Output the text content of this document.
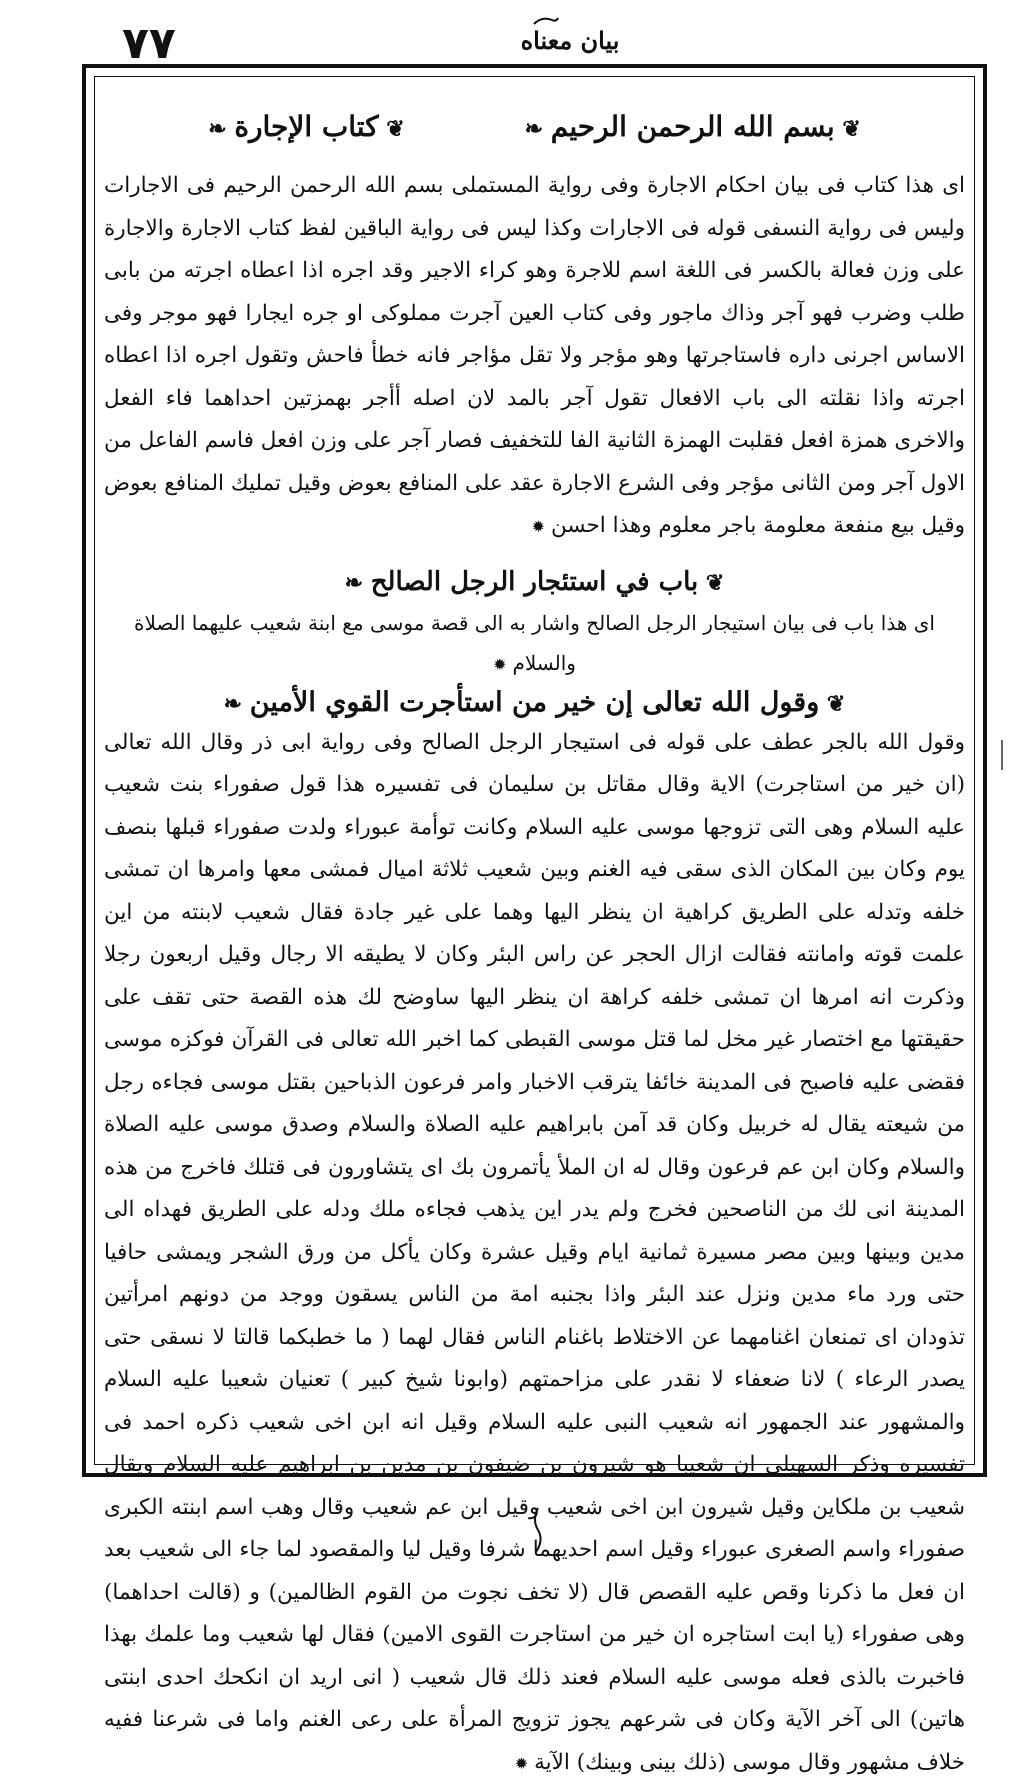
٧٧	بيان معناه
❦ بسم الله الرحمن الرحيم ❧
❦ كتاب الإجارة ❧

اى هذا كتاب فى بيان احكام الاجارة وفى رواية المستملى بسم الله الرحمن الرحيم فى الاجارات وليس فى رواية النسفى قوله فى الاجارات وكذا ليس فى رواية الباقين لفظ كتاب الاجارة والاجارة على وزن فعالة بالكسر فى اللغة اسم للاجرة وهو كراء الاجير وقد اجره اذا اعطاه اجرته من بابى طلب وضرب فهو آجر وذاك ماجور وفى كتاب العين آجرت مملوكى او جره ايجارا فهو موجر وفى الاساس اجرنى داره فاستاجرتها وهو مؤجر ولا تقل مؤاجر فانه خطأ فاحش وتقول اجره اذا اعطاه اجرته واذا نقلته الى باب الافعال تقول آجر بالمد لان اصله أأجر بهمزتين احداهما فاء الفعل والاخرى همزة افعل فقلبت الهمزة الثانية الفا للتخفيف فصار آجر على وزن افعل فاسم الفاعل من الاول آجر ومن الثانى مؤجر وفى الشرع الاجارة عقد على المنافع بعوض وقيل تمليك المنافع بعوض وقيل بيع منفعة معلومة باجر معلوم وهذا احسن✹

❦ باب في استئجار الرجل الصالح ❧

اى هذا باب فى بيان استيجار الرجل الصالح واشار به الى قصة موسى مع ابنة شعيب عليهما الصلاة والسلام✹

❦ وقول الله تعالى إن خير من استأجرت القوي الأمين ❧

وقول الله بالجر عطف على قوله فى استيجار الرجل الصالح وفى رواية ابى ذر وقال الله تعالى (ان خير من استاجرت) الاية وقال مقاتل بن سليمان فى تفسيره هذا قول صفوراء بنت شعيب عليه السلام وهى التى تزوجها موسى عليه السلام وكانت توأمة عبوراء ولدت صفوراء قبلها بنصف يوم وكان بين المكان الذى سقى فيه الغنم وبين شعيب ثلاثة اميال فمشى معها وامرها ان تمشى خلفه وتدله على الطريق كراهية ان ينظر اليها وهما على غير جادة فقال شعيب لابنته من اين علمت قوته وامانته فقالت ازال الحجر عن راس البئر وكان لا يطيقه الا رجال وقيل اربعون رجلا وذكرت انه امرها ان تمشى خلفه كراهة ان ينظر اليها ساوضح لك هذه القصة حتى تقف على حقيقتها مع اختصار غير مخل لما قتل موسى القبطى كما اخبر الله تعالى فى القرآن فوكزه موسى فقضى عليه فاصبح فى المدينة خائفا يترقب الاخبار وامر فرعون الذباحين بقتل موسى فجاءه رجل من شيعته يقال له خربيل وكان قد آمن بابراهيم عليه الصلاة والسلام وصدق موسى عليه الصلاة والسلام وكان ابن عم فرعون وقال له ان الملأ يأتمرون بك اى يتشاورون فى قتلك فاخرج من هذه المدينة انى لك من الناصحين فخرج ولم يدر اين يذهب فجاءه ملك ودله على الطريق فهداه الى مدين وبينها وبين مصر مسيرة ثمانية ايام وقيل عشرة وكان يأكل من ورق الشجر ويمشى حافيا حتى ورد ماء مدين ونزل عند البئر واذا بجنبه امة من الناس يسقون ووجد من دونهم امرأتين تذودان اى تمنعان اغنامهما عن الاختلاط باغنام الناس فقال لهما ( ما خطبكما قالتا لا نسقى حتى يصدر الرعاء ) لانا ضعفاء لا نقدر على مزاحمتهم (وابونا شيخ كبير ) تعنيان شعيبا عليه السلام والمشهور عند الجمهور انه شعيب النبى عليه السلام وقيل انه ابن اخى شعيب ذكره احمد فى تفسيره وذكر السهيلى ان شعيبا هو شيرون بن ضيفون بن مدين بن ابراهيم عليه السلام ويقال شعيب بن ملكاين وقيل شيرون ابن اخى شعيب وقيل ابن عم شعيب وقال وهب اسم ابنته الكبرى صفوراء واسم الصغرى عبوراء وقيل اسم احديهما شرفا وقيل ليا والمقصود لما جاء الى شعيب بعد ان فعل ما ذكرنا وقص عليه القصص قال (لا تخف نجوت من القوم الظالمين) و (قالت احداهما) وهى صفوراء (يا ابت استاجره ان خير من استاجرت القوى الامين) فقال لها شعيب وما علمك بهذا فاخبرت بالذى فعله موسى عليه السلام فعند ذلك قال شعيب ( انى اريد ان انكحك احدى ابنتى هاتين) الى آخر الآية وكان فى شرعهم يجوز تزويج المرأة على رعى الغنم واما فى شرعنا ففيه خلاف مشهور وقال موسى (ذلك بينى وبينك) الآية✹
